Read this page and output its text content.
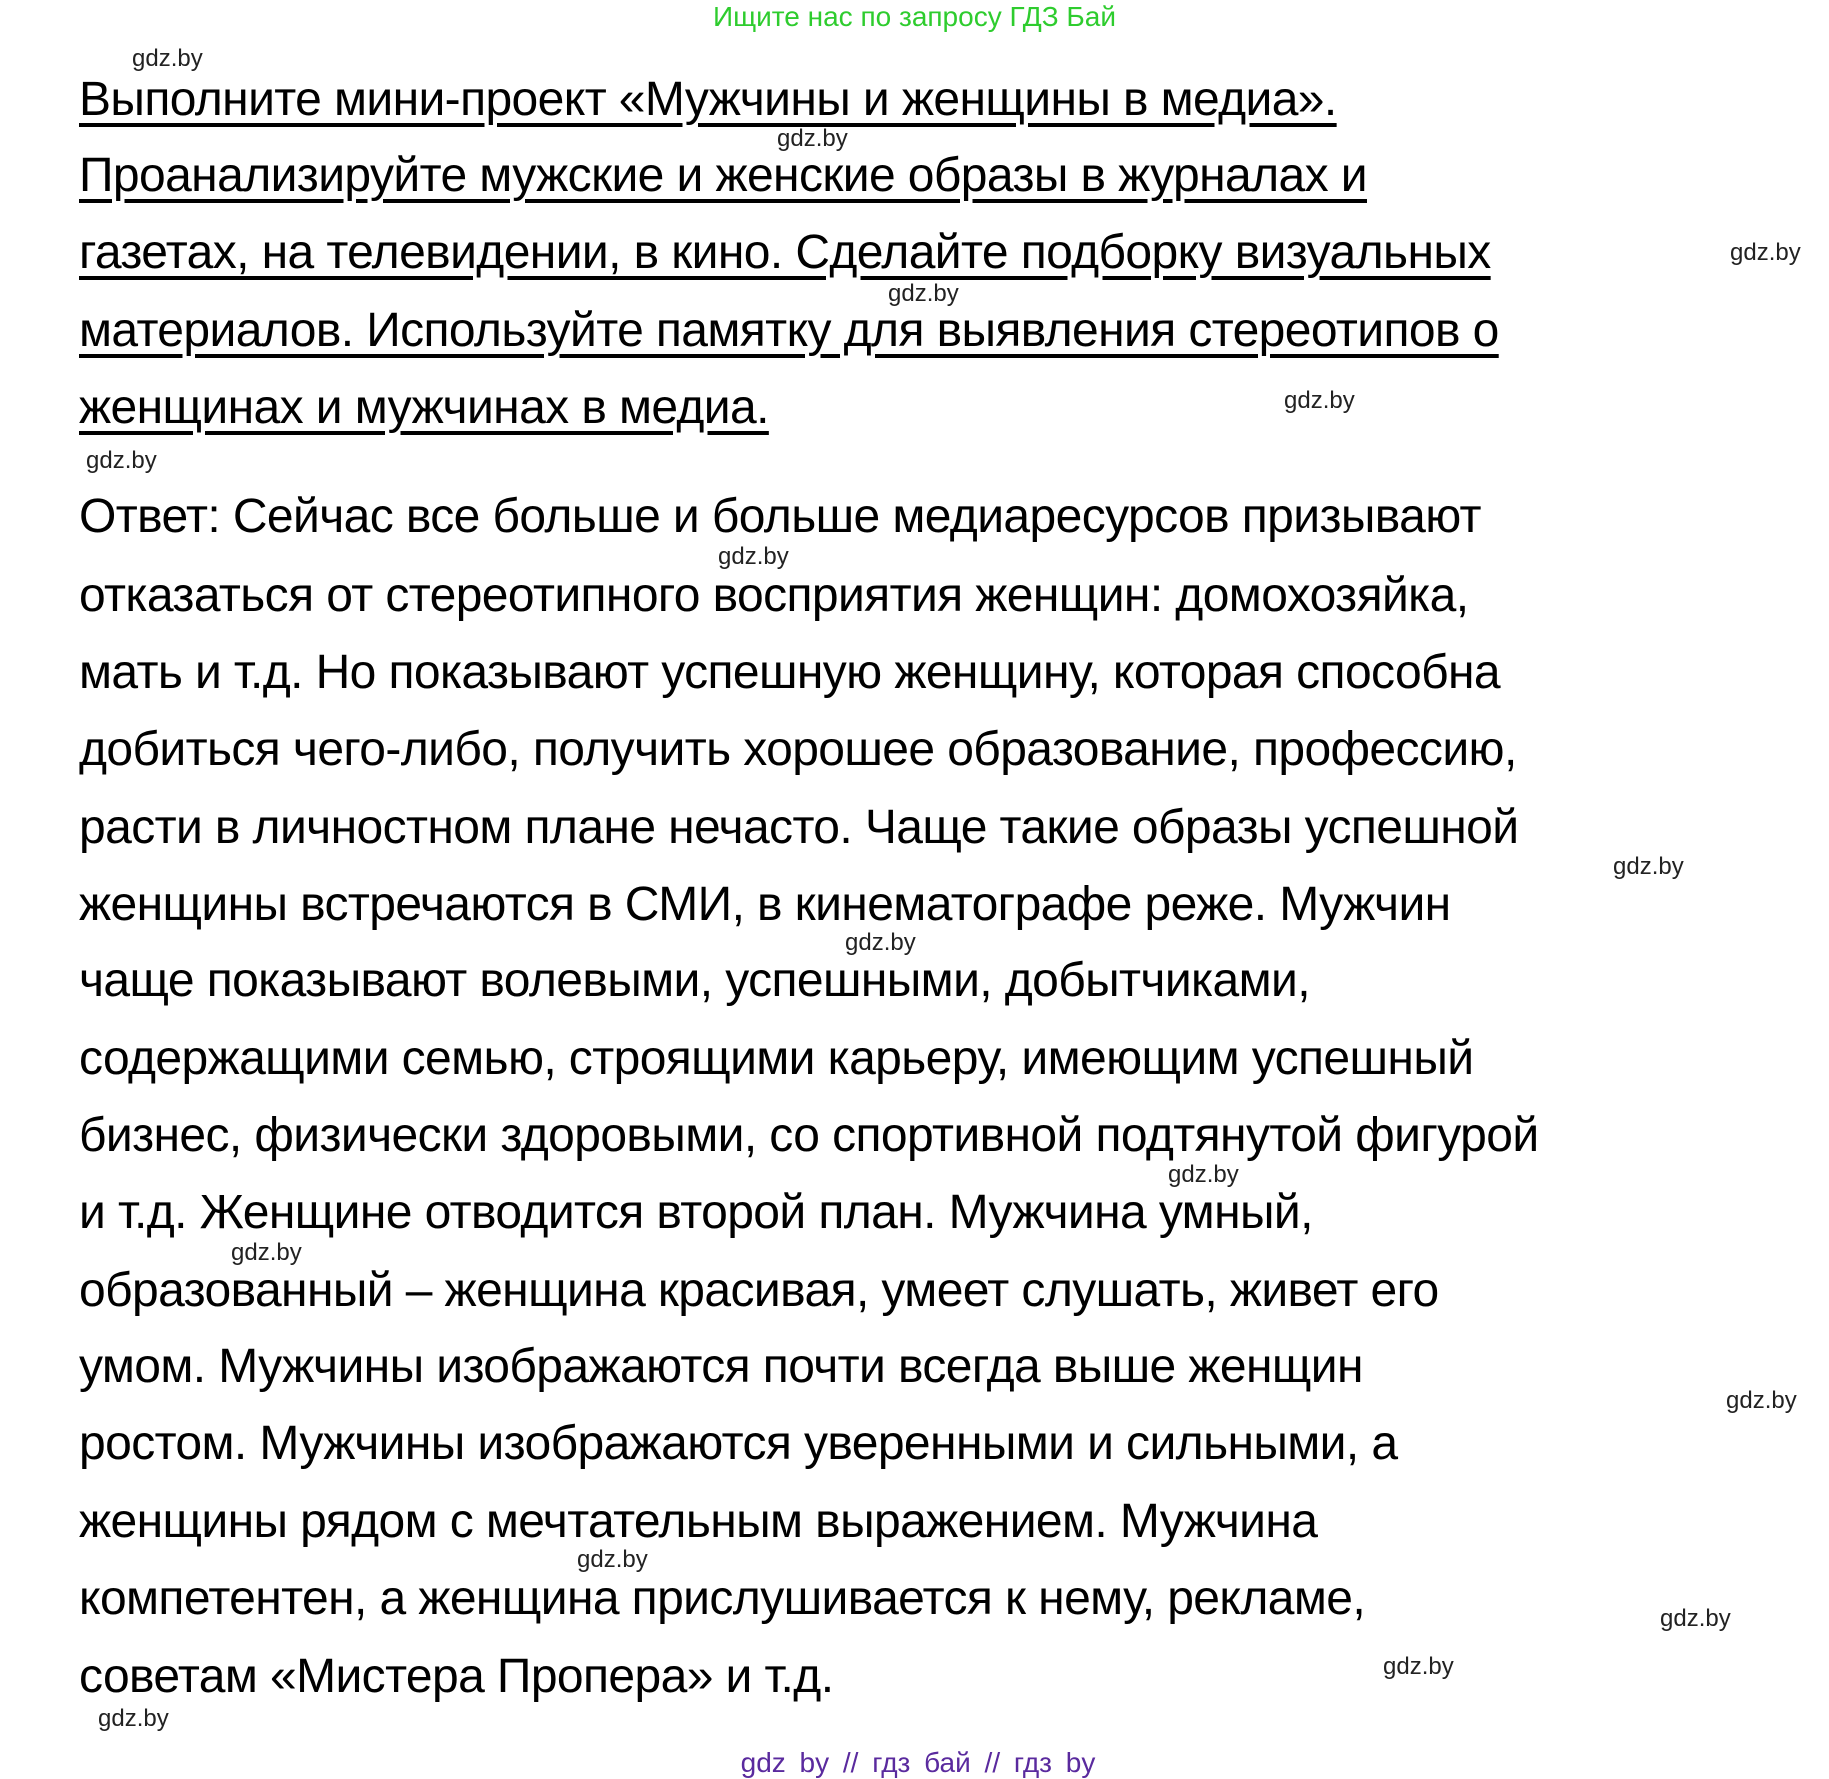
Ищите нас по запросу ГДЗ Бай
Выполните мини-проект «Мужчины и женщины в медиа».
Проанализируйте мужские и женские образы в журналах и
газетах, на телевидении, в кино. Сделайте подборку визуальных
материалов. Используйте памятку для выявления стереотипов о
женщинах и мужчинах в медиа.
Ответ: Сейчас все больше и больше медиаресурсов призывают
отказаться от стереотипного восприятия женщин: домохозяйка,
мать и т.д. Но показывают успешную женщину, которая способна
добиться чего-либо, получить хорошее образование, профессию,
расти в личностном плане нечасто. Чаще такие образы успешной
женщины встречаются в СМИ, в кинематографе реже. Мужчин
чаще показывают волевыми, успешными, добытчиками,
содержащими семью, строящими карьеру, имеющим успешный
бизнес, физически здоровыми, со спортивной подтянутой фигурой
и т.д. Женщине отводится второй план. Мужчина умный,
образованный – женщина красивая, умеет слушать, живет его
умом. Мужчины изображаются почти всегда выше женщин
ростом. Мужчины изображаются уверенными и сильными, а
женщины рядом с мечтательным выражением. Мужчина
компетентен, а женщина прислушивается к нему, рекламе,
советам «Мистера Пропера» и т.д.
gdz.by
gdz.by
gdz.by
gdz.by
gdz.by
gdz.by
gdz.by
gdz.by
gdz.by
gdz.by
gdz.by
gdz.by
gdz.by
gdz.by
gdz.by
gdz.by
gdz by // гдз бай // гдз by
